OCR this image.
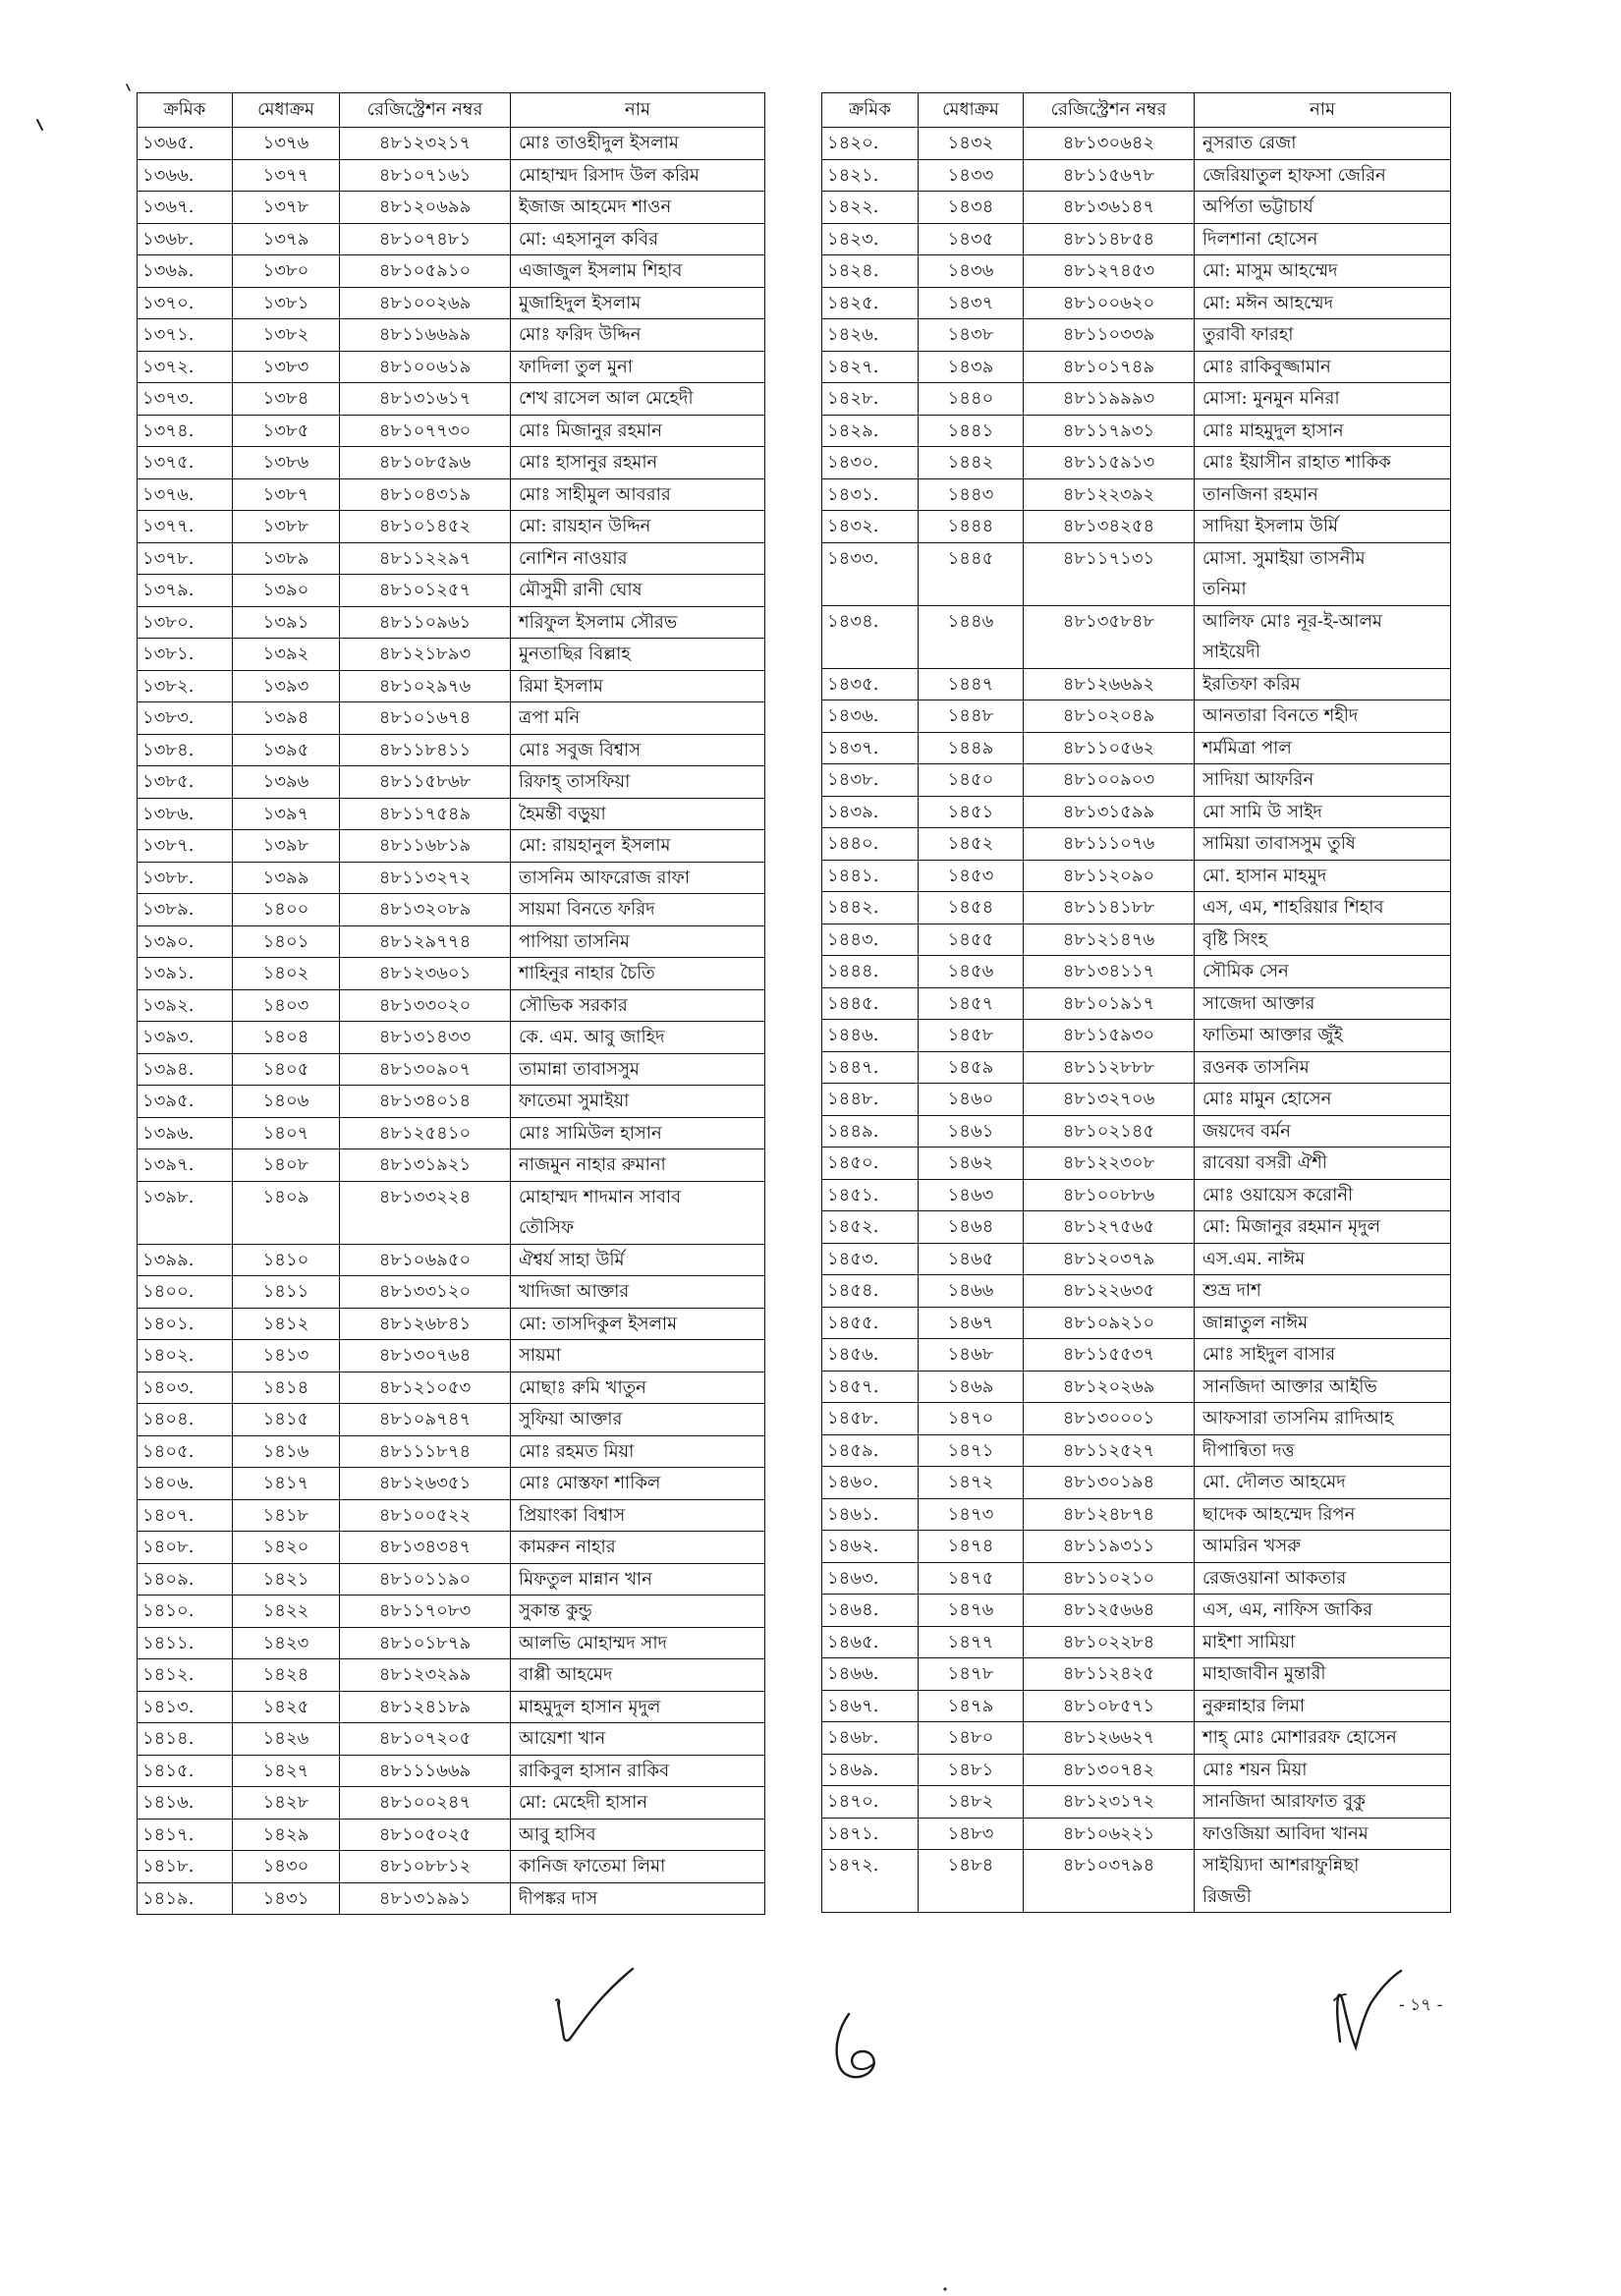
ক্রমিক	মেধাক্রম	রেজিস্ট্রেশন নম্বর	নাম
১৩৬৫.	১৩৭৬	৪৮১২৩২১৭	মোঃ তাওহীদুল ইসলাম
১৩৬৬.	১৩৭৭	৪৮১০৭১৬১	মোহাম্মদ রিসাদ উল করিম
১৩৬৭.	১৩৭৮	৪৮১২০৬৯৯	ইজাজ আহমেদ শাওন
১৩৬৮.	১৩৭৯	৪৮১০৭৪৮১	মো: এহসানুল কবির
১৩৬৯.	১৩৮০	৪৮১০৫৯১০	এজাজুল ইসলাম শিহাব
১৩৭০.	১৩৮১	৪৮১০০২৬৯	মুজাহিদুল ইসলাম
১৩৭১.	১৩৮২	৪৮১১৬৬৯৯	মোঃ ফরিদ উদ্দিন
১৩৭২.	১৩৮৩	৪৮১০০৬১৯	ফাদিলা তুল মুনা
১৩৭৩.	১৩৮৪	৪৮১৩১৬১৭	শেখ রাসেল আল মেহেদী
১৩৭৪.	১৩৮৫	৪৮১০৭৭৩০	মোঃ মিজানুর রহমান
১৩৭৫.	১৩৮৬	৪৮১০৮৫৯৬	মোঃ হাসানুর রহমান
১৩৭৬.	১৩৮৭	৪৮১০৪৩১৯	মোঃ সাহীমুল আবরার
১৩৭৭.	১৩৮৮	৪৮১০১৪৫২	মো: রায়হান উদ্দিন
১৩৭৮.	১৩৮৯	৪৮১১২২৯৭	নোশিন নাওয়ার
১৩৭৯.	১৩৯০	৪৮১০১২৫৭	মৌসুমী রানী ঘোষ
১৩৮০.	১৩৯১	৪৮১১০৯৬১	শরিফুল ইসলাম সৌরভ
১৩৮১.	১৩৯২	৪৮১২১৮৯৩	মুনতাছির বিল্লাহ
১৩৮২.	১৩৯৩	৪৮১০২৯৭৬	রিমা ইসলাম
১৩৮৩.	১৩৯৪	৪৮১০১৬৭৪	ত্রপা মনি
১৩৮৪.	১৩৯৫	৪৮১১৮৪১১	মোঃ সবুজ বিশ্বাস
১৩৮৫.	১৩৯৬	৪৮১১৫৮৬৮	রিফাহ্ তাসফিয়া
১৩৮৬.	১৩৯৭	৪৮১১৭৫৪৯	হৈমন্তী বড়ুয়া
১৩৮৭.	১৩৯৮	৪৮১১৬৮১৯	মো: রায়হানুল ইসলাম
১৩৮৮.	১৩৯৯	৪৮১১৩২৭২	তাসনিম আফরোজ রাফা
১৩৮৯.	১৪০০	৪৮১৩২০৮৯	সায়মা বিনতে ফরিদ
১৩৯০.	১৪০১	৪৮১২৯৭৭৪	পাপিয়া তাসনিম
১৩৯১.	১৪০২	৪৮১২৩৬০১	শাহিনুর নাহার চৈতি
১৩৯২.	১৪০৩	৪৮১৩৩০২০	সৌভিক সরকার
১৩৯৩.	১৪০৪	৪৮১৩১৪৩৩	কে. এম. আবু জাহিদ
১৩৯৪.	১৪০৫	৪৮১৩০৯০৭	তামান্না তাবাসসুম
১৩৯৫.	১৪০৬	৪৮১৩৪০১৪	ফাতেমা সুমাইয়া
১৩৯৬.	১৪০৭	৪৮১২৫৪১০	মোঃ সামিউল হাসান
১৩৯৭.	১৪০৮	৪৮১৩১৯২১	নাজমুন নাহার রুমানা
১৩৯৮.	১৪০৯	৪৮১৩৩২২৪	মোহাম্মদ শাদমান সাবাব
তৌসিফ
১৩৯৯.	১৪১০	৪৮১০৬৯৫০	ঐশ্বর্য সাহা উর্মি
১৪০০.	১৪১১	৪৮১৩৩১২০	খাদিজা আক্তার
১৪০১.	১৪১২	৪৮১২৬৮৪১	মো: তাসদিকুল ইসলাম
১৪০২.	১৪১৩	৪৮১৩০৭৬৪	সায়মা
১৪০৩.	১৪১৪	৪৮১২১০৫৩	মোছাঃ রুমি খাতুন
১৪০৪.	১৪১৫	৪৮১০৯৭৪৭	সুফিয়া আক্তার
১৪০৫.	১৪১৬	৪৮১১১৮৭৪	মোঃ রহমত মিয়া
১৪০৬.	১৪১৭	৪৮১২৬৩৫১	মোঃ মোস্তফা শাকিল
১৪০৭.	১৪১৮	৪৮১০০৫২২	প্রিয়াংকা বিশ্বাস
১৪০৮.	১৪২০	৪৮১৩৪৩৪৭	কামরুন নাহার
১৪০৯.	১৪২১	৪৮১০১১৯০	মিফতুল মান্নান খান
১৪১০.	১৪২২	৪৮১১৭০৮৩	সুকান্ত কুন্ডু
১৪১১.	১৪২৩	৪৮১০১৮৭৯	আলভি মোহাম্মদ সাদ
১৪১২.	১৪২৪	৪৮১২৩২৯৯	বাপ্পী আহমেদ
১৪১৩.	১৪২৫	৪৮১২৪১৮৯	মাহমুদুল হাসান মৃদুল
১৪১৪.	১৪২৬	৪৮১০৭২০৫	আয়েশা খান
১৪১৫.	১৪২৭	৪৮১১১৬৬৯	রাকিবুল হাসান রাকিব
১৪১৬.	১৪২৮	৪৮১০০২৪৭	মো: মেহেদী হাসান
১৪১৭.	১৪২৯	৪৮১০৫০২৫	আবু হাসিব
১৪১৮.	১৪৩০	৪৮১০৮৮১২	কানিজ ফাতেমা লিমা
১৪১৯.	১৪৩১	৪৮১৩১৯৯১	দীপঙ্কর দাস
ক্রমিক	মেধাক্রম	রেজিস্ট্রেশন নম্বর	নাম
১৪২০.	১৪৩২	৪৮১৩০৬৪২	নুসরাত রেজা
১৪২১.	১৪৩৩	৪৮১১৫৬৭৮	জেরিয়াতুল হাফসা জেরিন
১৪২২.	১৪৩৪	৪৮১৩৬১৪৭	অর্পিতা ভট্টাচার্য
১৪২৩.	১৪৩৫	৪৮১১৪৮৫৪	দিলশানা হোসেন
১৪২৪.	১৪৩৬	৪৮১২৭৪৫৩	মো: মাসুম আহম্মেদ
১৪২৫.	১৪৩৭	৪৮১০০৬২০	মো: মঈন আহম্মেদ
১৪২৬.	১৪৩৮	৪৮১১০৩৩৯	তুরাবী ফারহা
১৪২৭.	১৪৩৯	৪৮১০১৭৪৯	মোঃ রাকিবুজ্জামান
১৪২৮.	১৪৪০	৪৮১১৯৯৯৩	মোসা: মুনমুন মনিরা
১৪২৯.	১৪৪১	৪৮১১৭৯৩১	মোঃ মাহমুদুল হাসান
১৪৩০.	১৪৪২	৪৮১১৫৯১৩	মোঃ ইয়াসীন রাহাত শাকিক
১৪৩১.	১৪৪৩	৪৮১২২৩৯২	তানজিনা রহমান
১৪৩২.	১৪৪৪	৪৮১৩৪২৫৪	সাদিয়া ইসলাম উর্মি
১৪৩৩.	১৪৪৫	৪৮১১৭১৩১	মোসা. সুমাইয়া তাসনীম
তনিমা
১৪৩৪.	১৪৪৬	৪৮১৩৫৮৪৮	আলিফ মোঃ নূর-ই-আলম
সাইয়েদী
১৪৩৫.	১৪৪৭	৪৮১২৬৬৯২	ইরতিফা করিম
১৪৩৬.	১৪৪৮	৪৮১০২০৪৯	আনতারা বিনতে শহীদ
১৪৩৭.	১৪৪৯	৪৮১১০৫৬২	শর্মমিত্রা পাল
১৪৩৮.	১৪৫০	৪৮১০০৯০৩	সাদিয়া আফরিন
১৪৩৯.	১৪৫১	৪৮১৩১৫৯৯	মো সামি উ সাইদ
১৪৪০.	১৪৫২	৪৮১১১০৭৬	সামিয়া তাবাসসুম তুষি
১৪৪১.	১৪৫৩	৪৮১১২০৯০	মো. হাসান মাহমুদ
১৪৪২.	১৪৫৪	৪৮১১৪১৮৮	এস, এম, শাহরিয়ার শিহাব
১৪৪৩.	১৪৫৫	৪৮১২১৪৭৬	বৃষ্টি সিংহ
১৪৪৪.	১৪৫৬	৪৮১৩৪১১৭	সৌমিক সেন
১৪৪৫.	১৪৫৭	৪৮১০১৯১৭	সাজেদা আক্তার
১৪৪৬.	১৪৫৮	৪৮১১৫৯৩০	ফাতিমা আক্তার জুঁই
১৪৪৭.	১৪৫৯	৪৮১১২৮৮৮	রওনক তাসনিম
১৪৪৮.	১৪৬০	৪৮১৩২৭০৬	মোঃ মামুন হোসেন
১৪৪৯.	১৪৬১	৪৮১০২১৪৫	জয়দেব বর্মন
১৪৫০.	১৪৬২	৪৮১২২৩০৮	রাবেয়া বসরী ঐশী
১৪৫১.	১৪৬৩	৪৮১০০৮৮৬	মোঃ ওয়ায়েস করোনী
১৪৫২.	১৪৬৪	৪৮১২৭৫৬৫	মো: মিজানুর রহমান মৃদুল
১৪৫৩.	১৪৬৫	৪৮১২০৩৭৯	এস.এম. নাঈম
১৪৫৪.	১৪৬৬	৪৮১২২৬৩৫	শুভ্র দাশ
১৪৫৫.	১৪৬৭	৪৮১০৯২১০	জান্নাতুল নাঈম
১৪৫৬.	১৪৬৮	৪৮১১৫৫৩৭	মোঃ সাইদুল বাসার
১৪৫৭.	১৪৬৯	৪৮১২০২৬৯	সানজিদা আক্তার আইভি
১৪৫৮.	১৪৭০	৪৮১৩০০০১	আফসারা তাসনিম রাদিআহ
১৪৫৯.	১৪৭১	৪৮১১২৫২৭	দীপান্বিতা দত্ত
১৪৬০.	১৪৭২	৪৮১৩০১৯৪	মো. দৌলত আহমেদ
১৪৬১.	১৪৭৩	৪৮১২৪৮৭৪	ছাদেক আহম্মেদ রিপন
১৪৬২.	১৪৭৪	৪৮১১৯৩১১	আমরিন খসরু
১৪৬৩.	১৪৭৫	৪৮১১০২১০	রেজওয়ানা আকতার
১৪৬৪.	১৪৭৬	৪৮১২৫৬৬৪	এস, এম, নাফিস জাকির
১৪৬৫.	১৪৭৭	৪৮১০২২৮৪	মাইশা সামিয়া
১৪৬৬.	১৪৭৮	৪৮১১২৪২৫	মাহাজাবীন মুন্তারী
১৪৬৭.	১৪৭৯	৪৮১০৮৫৭১	নুরুন্নাহার লিমা
১৪৬৮.	১৪৮০	৪৮১২৬৬২৭	শাহ্ মোঃ মোশাররফ হোসেন
১৪৬৯.	১৪৮১	৪৮১৩০৭৪২	মোঃ শয়ন মিয়া
১৪৭০.	১৪৮২	৪৮১২৩১৭২	সানজিদা আরাফাত বুকু
১৪৭১.	১৪৮৩	৪৮১০৬২২১	ফাওজিয়া আবিদা খানম
১৪৭২.	১৪৮৪	৪৮১০৩৭৯৪	সাইয়্যিদা আশরাফুন্নিছা
রিজভী
- ১৭ -
